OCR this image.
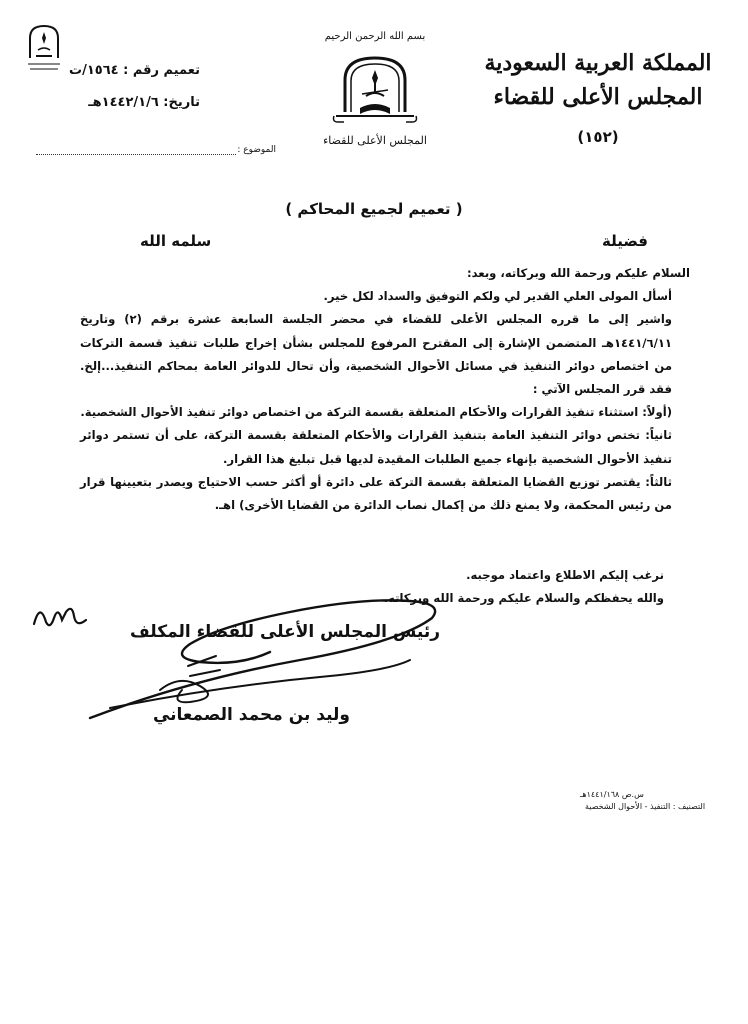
المملكة العربية السعودية
المجلس الأعلى للقضاء
(١٥٢)
بسم الله الرحمن الرحيم
المجلس الأعلى للقضاء
تعميم رقم : ١٥٦٤/ت
تاريخ: ١٤٤٢/١/٦هـ
الموضوع :
( تعميم لجميع المحاكم )
فضيلة
سلمه الله

السلام عليكم ورحمة الله وبركاته، وبعد:

أسأل المولى العلي القدير لي ولكم التوفيق والسداد لكل خير.

واشير إلى ما قرره المجلس الأعلى للقضاء في محضر الجلسة السابعة عشرة برقم (٢) وتاريخ ١٤٤١/٦/١١هـ المتضمن الإشارة إلى المقترح المرفوع للمجلس بشأن إخراج طلبات تنفيذ قسمة التركات من اختصاص دوائر التنفيذ في مسائل الأحوال الشخصية، وأن تحال للدوائر العامة بمحاكم التنفيذ...إلخ. فقد قرر المجلس الآتي :

(أولاً: استثناء تنفيذ القرارات والأحكام المتعلقة بقسمة التركة من اختصاص دوائر تنفيذ الأحوال الشخصية.

ثانياً: تختص دوائر التنفيذ العامة بتنفيذ القرارات والأحكام المتعلقة بقسمة التركة، على أن تستمر دوائر تنفيذ الأحوال الشخصية بإنهاء جميع الطلبات المقيدة لديها قبل تبليغ هذا القرار.

ثالثاً: يقتصر توزيع القضايا المتعلقة بقسمة التركة على دائرة أو أكثر حسب الاحتياج ويصدر بتعيينها قرار من رئيس المحكمة، ولا يمنع ذلك من إكمال نصاب الدائرة من القضايا الأخرى) اهـ.

نرغب إليكم الاطلاع واعتماد موجبه.

والله يحفظكم والسلام عليكم ورحمة الله وبركاته.

رئيس المجلس الأعلى للقضاء المكلف
وليد بن محمد الصمعاني
س.ص ١٤٤١/١٦٨هـ
التصنيف : التنفيذ - الأحوال الشخصية
